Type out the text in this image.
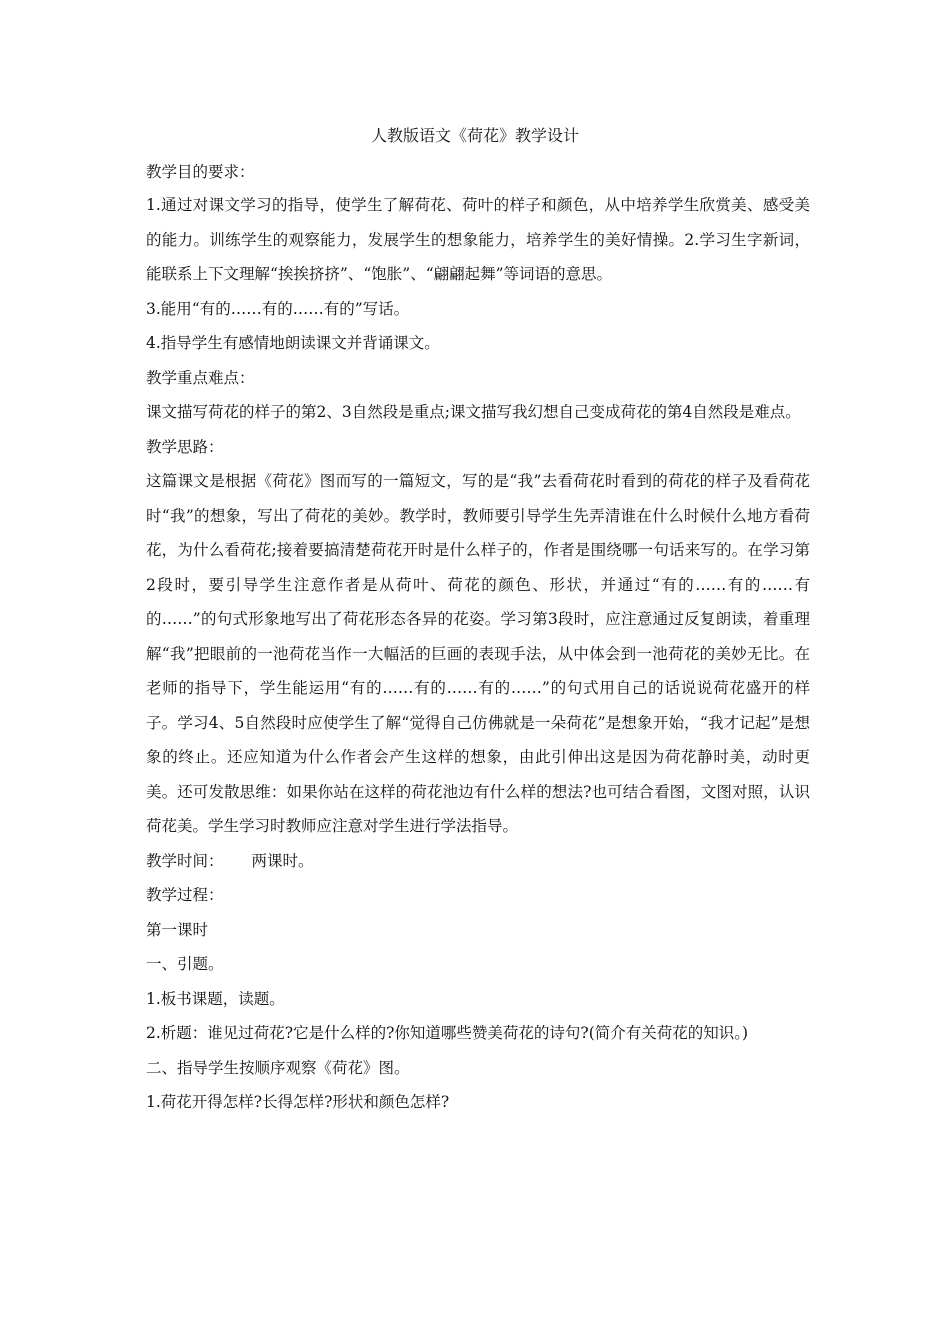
人教版语文《荷花》教学设计

教学目的要求：

1.通过对课文学习的指导，使学生了解荷花、荷叶的样子和颜色，从中培养学生欣赏美、感受美的能力。训练学生的观察能力，发展学生的想象能力，培养学生的美好情操。2.学习生字新词，能联系上下文理解“挨挨挤挤”、“饱胀”、“翩翩起舞”等词语的意思。

3.能用“有的……有的……有的”写话。

4.指导学生有感情地朗读课文并背诵课文。

教学重点难点：

课文描写荷花的样子的第2、3自然段是重点;课文描写我幻想自己变成荷花的第4自然段是难点。

教学思路：

这篇课文是根据《荷花》图而写的一篇短文，写的是“我”去看荷花时看到的荷花的样子及看荷花时“我”的想象，写出了荷花的美妙。教学时，教师要引导学生先弄清谁在什么时候什么地方看荷花，为什么看荷花;接着要搞清楚荷花开时是什么样子的，作者是围绕哪一句话来写的。在学习第2段时，要引导学生注意作者是从荷叶、荷花的颜色、形状，并通过“有的……有的……有的……”的句式形象地写出了荷花形态各异的花姿。学习第3段时，应注意通过反复朗读，着重理解“我”把眼前的一池荷花当作一大幅活的巨画的表现手法，从中体会到一池荷花的美妙无比。在老师的指导下，学生能运用“有的……有的……有的……”的句式用自己的话说说荷花盛开的样子。学习4、5自然段时应使学生了解“觉得自己仿佛就是一朵荷花”是想象开始，“我才记起”是想象的终止。还应知道为什么作者会产生这样的想象，由此引伸出这是因为荷花静时美，动时更美。还可发散思维：如果你站在这样的荷花池边有什么样的想法?也可结合看图，文图对照，认识荷花美。学生学习时教师应注意对学生进行学法指导。

教学时间： 两课时。

教学过程：

第一课时

一、引题。

1.板书课题，读题。

2.析题：谁见过荷花?它是什么样的?你知道哪些赞美荷花的诗句?(简介有关荷花的知识。)

二、指导学生按顺序观察《荷花》图。

1.荷花开得怎样?长得怎样?形状和颜色怎样?
